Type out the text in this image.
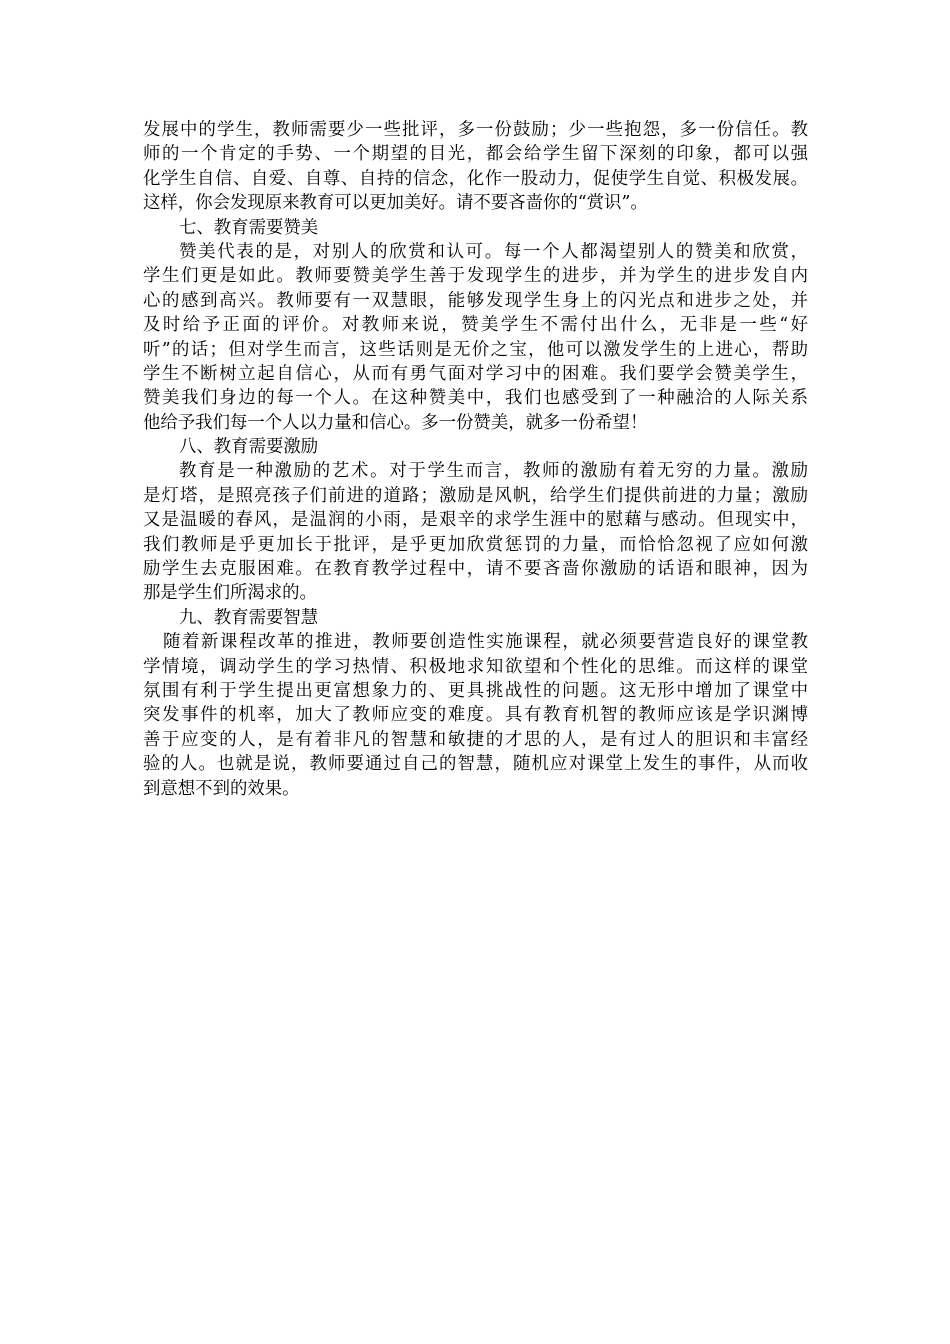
发展中的学生，教师需要少一些批评，多一份鼓励；少一些抱怨，多一份信任。教
师的一个肯定的手势、一个期望的目光，都会给学生留下深刻的印象，都可以强
化学生自信、自爱、自尊、自持的信念，化作一股动力，促使学生自觉、积极发展。
这样，你会发现原来教育可以更加美好。请不要吝啬你的“赏识”。
七、教育需要赞美
赞美代表的是，对别人的欣赏和认可。每一个人都渴望别人的赞美和欣赏，
学生们更是如此。教师要赞美学生善于发现学生的进步，并为学生的进步发自内
心的感到高兴。教师要有一双慧眼，能够发现学生身上的闪光点和进步之处，并
及时给予正面的评价。对教师来说，赞美学生不需付出什么，无非是一些“好
听”的话；但对学生而言，这些话则是无价之宝，他可以激发学生的上进心，帮助
学生不断树立起自信心，从而有勇气面对学习中的困难。我们要学会赞美学生，
赞美我们身边的每一个人。在这种赞美中，我们也感受到了一种融洽的人际关系
他给予我们每一个人以力量和信心。多一份赞美，就多一份希望！
八、教育需要激励
教育是一种激励的艺术。对于学生而言，教师的激励有着无穷的力量。激励
是灯塔，是照亮孩子们前进的道路；激励是风帆，给学生们提供前进的力量；激励
又是温暖的春风，是温润的小雨，是艰辛的求学生涯中的慰藉与感动。但现实中，
我们教师是乎更加长于批评，是乎更加欣赏惩罚的力量，而恰恰忽视了应如何激
励学生去克服困难。在教育教学过程中，请不要吝啬你激励的话语和眼神，因为
那是学生们所渴求的。
九、教育需要智慧
随着新课程改革的推进，教师要创造性实施课程，就必须要营造良好的课堂教
学情境，调动学生的学习热情、积极地求知欲望和个性化的思维。而这样的课堂
氛围有利于学生提出更富想象力的、更具挑战性的问题。这无形中增加了课堂中
突发事件的机率，加大了教师应变的难度。具有教育机智的教师应该是学识渊博
善于应变的人，是有着非凡的智慧和敏捷的才思的人，是有过人的胆识和丰富经
验的人。也就是说，教师要通过自己的智慧，随机应对课堂上发生的事件，从而收
到意想不到的效果。
